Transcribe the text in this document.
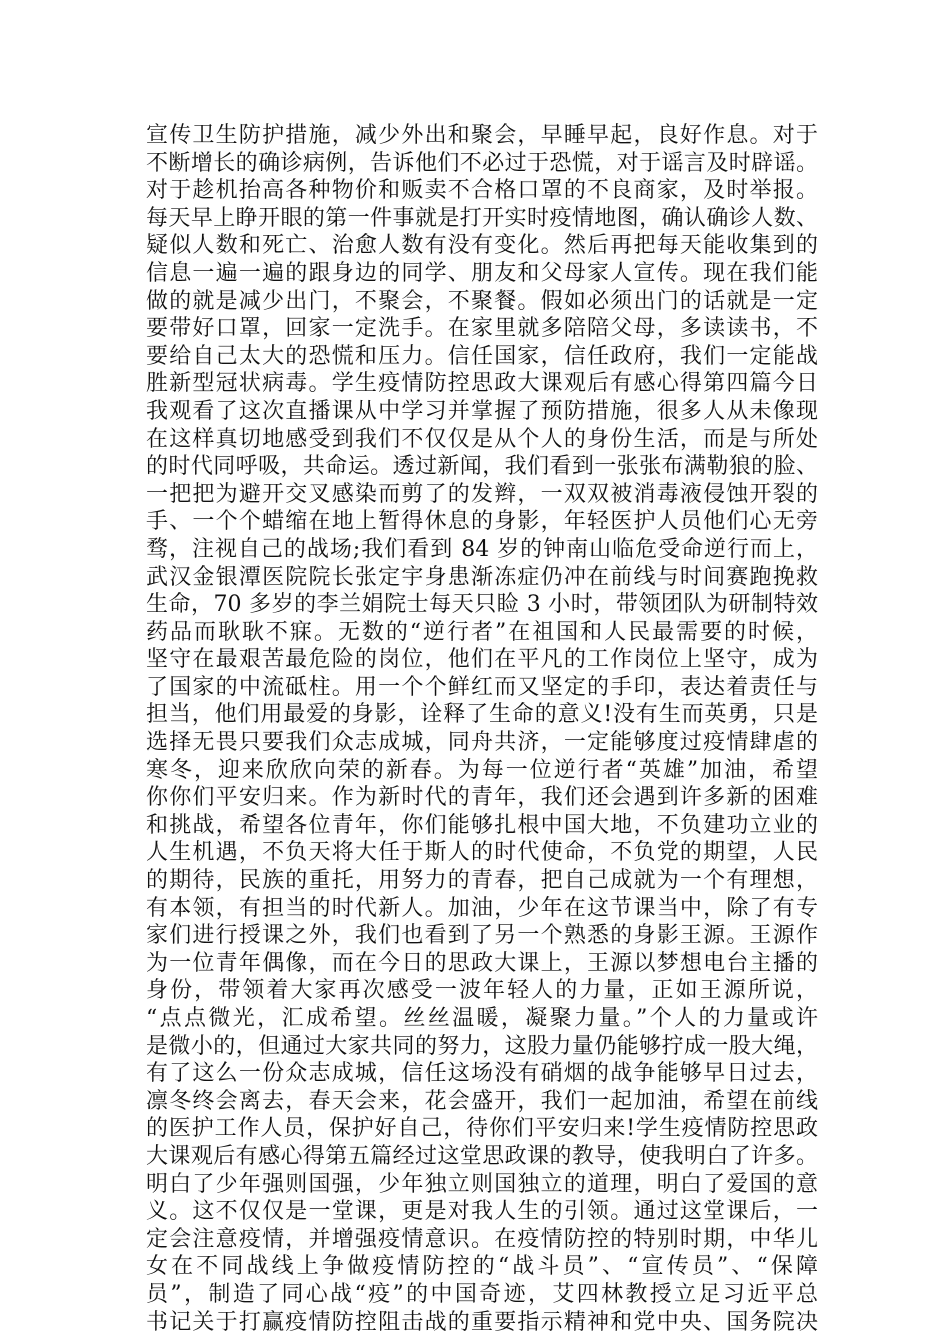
宣传卫生防护措施，减少外出和聚会，早睡早起，良好作息。对于
不断增长的确诊病例，告诉他们不必过于恐慌，对于谣言及时辟谣。
对于趁机抬高各种物价和贩卖不合格口罩的不良商家，及时举报。
每天早上睁开眼的第一件事就是打开实时疫情地图，确认确诊人数、
疑似人数和死亡、治愈人数有没有变化。然后再把每天能收集到的
信息一遍一遍的跟身边的同学、朋友和父母家人宣传。现在我们能
做的就是减少出门，不聚会，不聚餐。假如必须出门的话就是一定
要带好口罩，回家一定洗手。在家里就多陪陪父母，多读读书，不
要给自己太大的恐慌和压力。信任国家，信任政府，我们一定能战
胜新型冠状病毒。学生疫情防控思政大课观后有感心得第四篇今日
我观看了这次直播课从中学习并掌握了预防措施，很多人从未像现
在这样真切地感受到我们不仅仅是从个人的身份生活，而是与所处
的时代同呼吸，共命运。透过新闻，我们看到一张张布满勒狼的脸、
一把把为避开交叉感染而剪了的发辫，一双双被消毒液侵蚀开裂的
手、一个个蜡缩在地上暂得休息的身影，年轻医护人员他们心无旁
骛，注视自己的战场;我们看到 84 岁的钟南山临危受命逆行而上，
武汉金银潭医院院长张定宇身患渐冻症仍冲在前线与时间赛跑挽救
生命，70 多岁的李兰娟院士每天只睑 3 小时，带领团队为研制特效
药品而耿耿不寐。无数的“逆行者”在祖国和人民最需要的时候，
坚守在最艰苦最危险的岗位，他们在平凡的工作岗位上坚守，成为
了国家的中流砥柱。用一个个鲜红而又坚定的手印，表达着责任与
担当，他们用最爱的身影，诠释了生命的意义!没有生而英勇，只是
选择无畏只要我们众志成城，同舟共济，一定能够度过疫情肆虐的
寒冬，迎来欣欣向荣的新春。为每一位逆行者“英雄”加油，希望
你你们平安归来。作为新时代的青年，我们还会遇到许多新的困难
和挑战，希望各位青年，你们能够扎根中国大地，不负建功立业的
人生机遇，不负天将大任于斯人的时代使命，不负党的期望，人民
的期待，民族的重托，用努力的青春，把自己成就为一个有理想，
有本领，有担当的时代新人。加油，少年在这节课当中，除了有专
家们进行授课之外，我们也看到了另一个熟悉的身影王源。王源作
为一位青年偶像，而在今日的思政大课上，王源以梦想电台主播的
身份，带领着大家再次感受一波年轻人的力量，正如王源所说，
“点点微光，汇成希望。丝丝温暖，凝聚力量。”个人的力量或许
是微小的，但通过大家共同的努力，这股力量仍能够拧成一股大绳，
有了这么一份众志成城，信任这场没有硝烟的战争能够早日过去，
凛冬终会离去，春天会来，花会盛开，我们一起加油，希望在前线
的医护工作人员，保护好自己，待你们平安归来!学生疫情防控思政
大课观后有感心得第五篇经过这堂思政课的教导，使我明白了许多。
明白了少年强则国强，少年独立则国独立的道理，明白了爱国的意
义。这不仅仅是一堂课，更是对我人生的引领。通过这堂课后，一
定会注意疫情，并增强疫情意识。在疫情防控的特别时期，中华儿
女在不同战线上争做疫情防控的“战斗员”、“宣传员”、“保障
员”，制造了同心战“疫”的中国奇迹，艾四林教授立足习近平总
书记关于打赢疫情防控阻击战的重要指示精神和党中央、国务院决
